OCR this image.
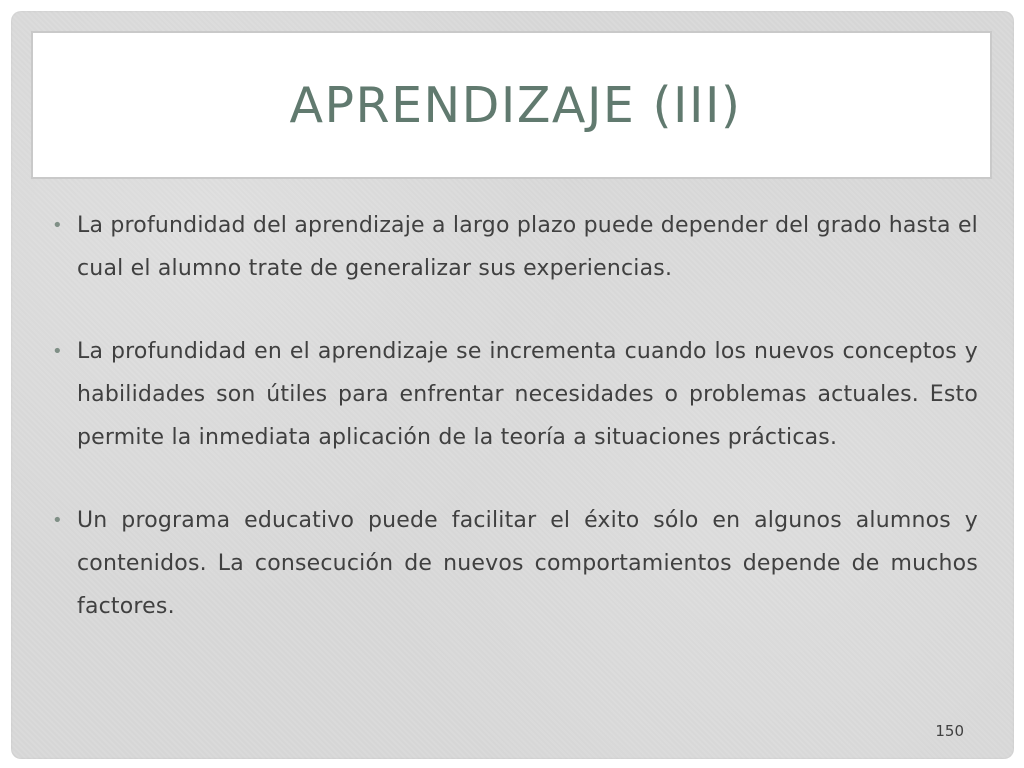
APRENDIZAJE (III)
• La profundidad del aprendizaje a largo plazo puede depender del grado hasta el cual el alumno trate de generalizar sus experiencias.
• La profundidad en el aprendizaje se incrementa cuando los nuevos conceptos y habilidades son útiles para enfrentar necesidades o problemas actuales. Esto permite la inmediata aplicación de la teoría a situaciones prácticas.
• Un programa educativo puede facilitar el éxito sólo en algunos alumnos y contenidos. La consecución de nuevos comportamientos depende de muchos factores.
150
